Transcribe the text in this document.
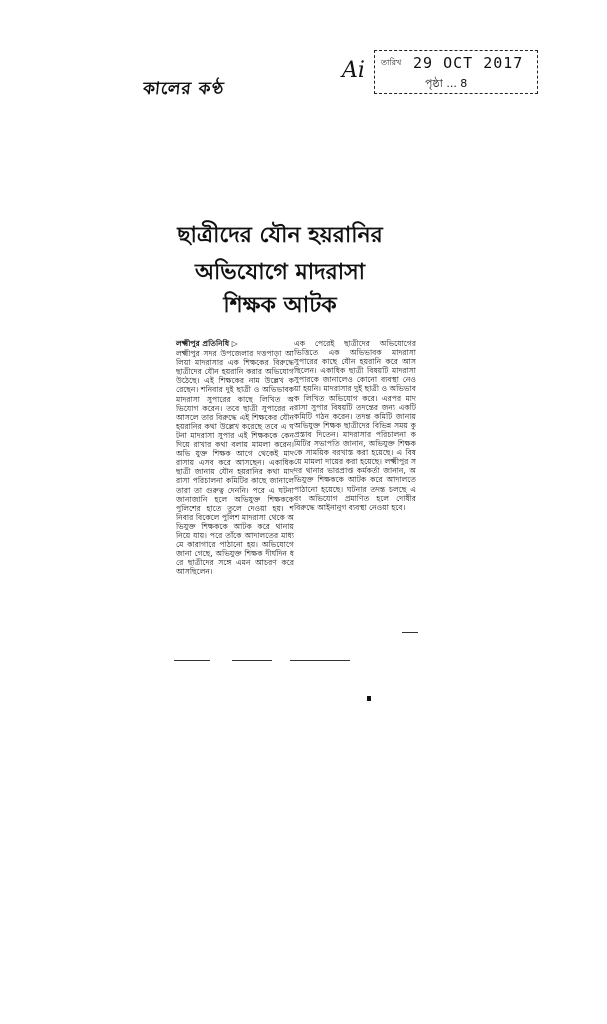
কালের কণ্ঠ
Ai তারিখ 29 OCT 2017
পৃষ্ঠা ... 8
ছাত্রীদের যৌন হয়রানির
অভিযোগে মাদরাসা
শিক্ষক আটক
লক্ষ্মীপুর প্রতিনিধি ▷
লক্ষ্মীপুর সদর উপজেলার দত্তপাড়া আলিয়া মাদরাসার এক শিক্ষকের বিরুদ্ধে ছাত্রীদের যৌন হয়রানি করার অভিযোগ উঠেছে। এই শিক্ষকের নাম উল্লেখ করেছেন। শনিবার দুই ছাত্রী ও অভিভাবক মাদরাসা সুপারের কাছে লিখিত অভিযোগ করেন। তবে ছাত্রী সুপারের ন আসলে তার বিরুদ্ধে এই শিক্ষকের যৌন হয়রানির কথা উল্লেখ করেছে তবে এ ঘটনা মাদরাসা সুপার এই শিক্ষককে কেন দিয়ে রাখার কথা বলায় মামলা করেন। অভি যুক্ত শিক্ষক আগে থেকেই মাদরাসায় এসব করে আসছেন। একাধিক ছাত্রী জানায় যৌন হয়রানির কথা মাদরাসা পরিচালনা কমিটির কাছে জানালে তারা তা গুরুত্ব দেননি। পরে এ ঘটনা জানাজানি হলে অভিযুক্ত শিক্ষককে পুলিশের হাতে তুলে দেওয়া হয়। শনিবার বিকেলে পুলিশ মাদরাসা থেকে অভিযুক্ত শিক্ষককে আটক করে থানায় নিয়ে যায়। পরে তাঁকে আদালতের মাধ্যমে কারাগারে পাঠানো হয়। অভিযোগে জানা গেছে, অভিযুক্ত শিক্ষক দীর্ঘদিন ধরে ছাত্রীদের সঙ্গে এমন আচরণ করে আসছিলেন।
এক পেরেই ছাত্রীদের অভিযোগের ভিত্তিতে এক অভিভাবক মাদরাসা সুপারের কাছে যৌন হয়রানি করে আসছিলেন। একাধিক ছাত্রী বিষয়টি মাদরাসা সুপারকে জানালেও কোনো ব্যবস্থা নেওয়া হয়নি। মাদরাসার দুই ছাত্রী ও অভিভাবক লিখিত অভিযোগ করে। এরপর মাদরাসা সুপার বিষয়টি তদন্তের জন্য একটি কমিটি গঠন করেন। তদন্ত কমিটি জানায় অভিযুক্ত শিক্ষক ছাত্রীদের বিভিন্ন সময় কু প্রস্তাব দিতেন। মাদরাসার পরিচালনা কমিটির সভাপতি জানান, অভিযুক্ত শিক্ষককে সাময়িক বরখাস্ত করা হয়েছে। এ বিষয়ে মামলা দায়ের করা হয়েছে। লক্ষ্মীপুর সদর থানার ভারপ্রাপ্ত কর্মকর্তা জানান, অভিযুক্ত শিক্ষককে আটক করে আদালতে পাঠানো হয়েছে। ঘটনার তদন্ত চলছে এবং অভিযোগ প্রমাণিত হলে দোষীর বিরুদ্ধে আইনানুগ ব্যবস্থা নেওয়া হবে।
